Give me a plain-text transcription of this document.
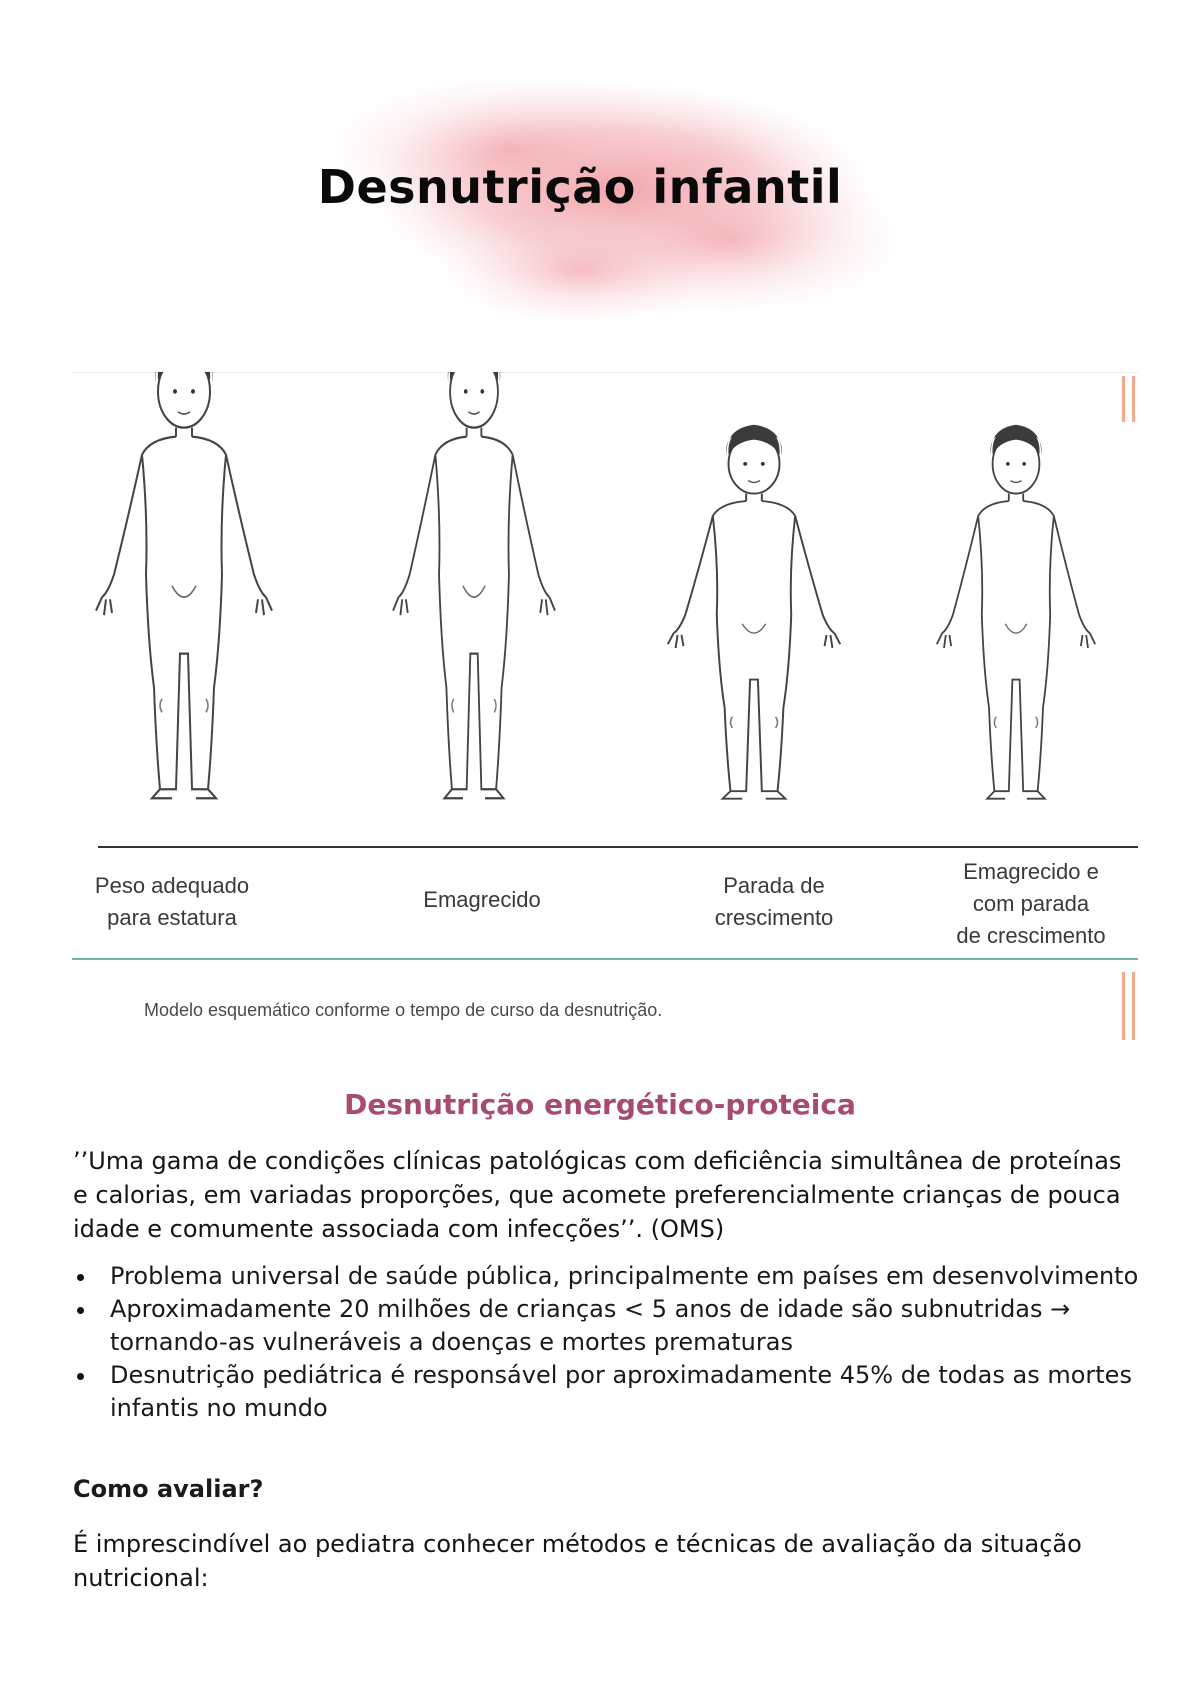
Desnutrição infantil
Peso adequado
para estatura
Emagrecido
Parada de
crescimento
Emagrecido e
com parada
de crescimento
Modelo esquemático conforme o tempo de curso da desnutrição.
Desnutrição energético-proteica
’’Uma gama de condições clínicas patológicas com deficiência simultânea de proteínas e calorias, em variadas proporções, que acomete preferencialmente crianças de pouca idade e comumente associada com infecções’’. (OMS)
Problema universal de saúde pública, principalmente em países em desenvolvimento
Aproximadamente 20 milhões de crianças < 5 anos de idade são subnutridas → tornando-as vulneráveis a doenças e mortes prematuras
Desnutrição pediátrica é responsável por aproximadamente 45% de todas as mortes infantis no mundo
Como avaliar?
É imprescindível ao pediatra conhecer métodos e técnicas de avaliação da situação nutricional:
